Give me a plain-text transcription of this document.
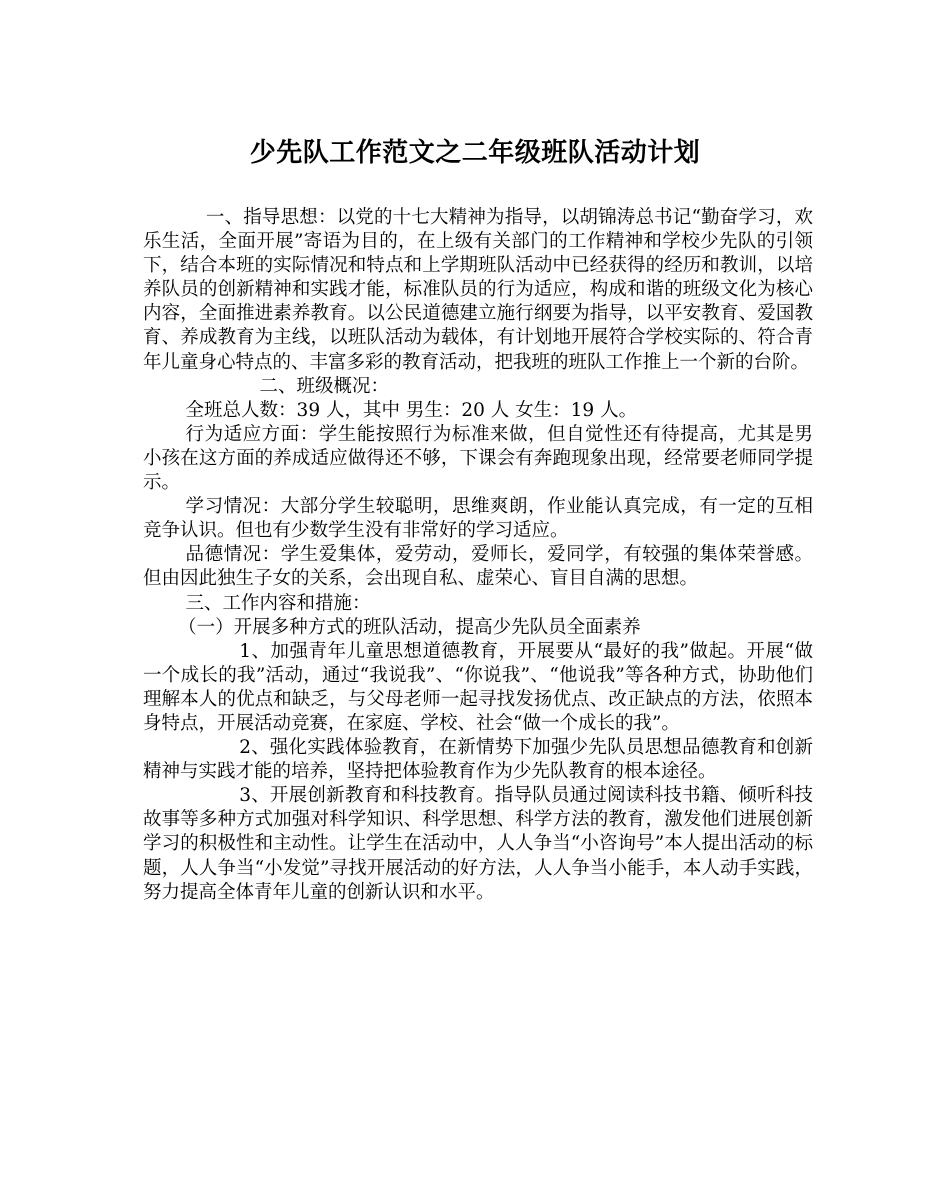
少先队工作范文之二年级班队活动计划

一、指导思想：以党的十七大精神为指导，以胡锦涛总书记“勤奋学习，欢乐生活，全面开展”寄语为目的，在上级有关部门的工作精神和学校少先队的引领下，结合本班的实际情况和特点和上学期班队活动中已经获得的经历和教训，以培养队员的创新精神和实践才能，标准队员的行为适应，构成和谐的班级文化为核心内容，全面推进素养教育。以公民道德建立施行纲要为指导，以平安教育、爱国教育、养成教育为主线，以班队活动为载体，有计划地开展符合学校实际的、符合青年儿童身心特点的、丰富多彩的教育活动，把我班的班队工作推上一个新的台阶。

二、班级概况：

全班总人数：39 人，其中 男生：20 人 女生：19 人。

行为适应方面：学生能按照行为标准来做，但自觉性还有待提高，尤其是男小孩在这方面的养成适应做得还不够，下课会有奔跑现象出现，经常要老师同学提示。

学习情况：大部分学生较聪明，思维爽朗，作业能认真完成，有一定的互相竞争认识。但也有少数学生没有非常好的学习适应。

品德情况：学生爱集体，爱劳动，爱师长，爱同学，有较强的集体荣誉感。但由因此独生子女的关系，会出现自私、虚荣心、盲目自满的思想。

三、工作内容和措施：

（一）开展多种方式的班队活动，提高少先队员全面素养

1、加强青年儿童思想道德教育，开展要从“最好的我”做起。开展“做一个成长的我”活动，通过“我说我”、“你说我”、“他说我”等各种方式，协助他们理解本人的优点和缺乏，与父母老师一起寻找发扬优点、改正缺点的方法，依照本身特点，开展活动竞赛，在家庭、学校、社会“做一个成长的我”。

2、强化实践体验教育，在新情势下加强少先队员思想品德教育和创新精神与实践才能的培养，坚持把体验教育作为少先队教育的根本途径。

3、开展创新教育和科技教育。指导队员通过阅读科技书籍、倾听科技故事等多种方式加强对科学知识、科学思想、科学方法的教育，激发他们进展创新学习的积极性和主动性。让学生在活动中，人人争当“小咨询号”本人提出活动的标题，人人争当“小发觉”寻找开展活动的好方法，人人争当小能手，本人动手实践，努力提高全体青年儿童的创新认识和水平。
